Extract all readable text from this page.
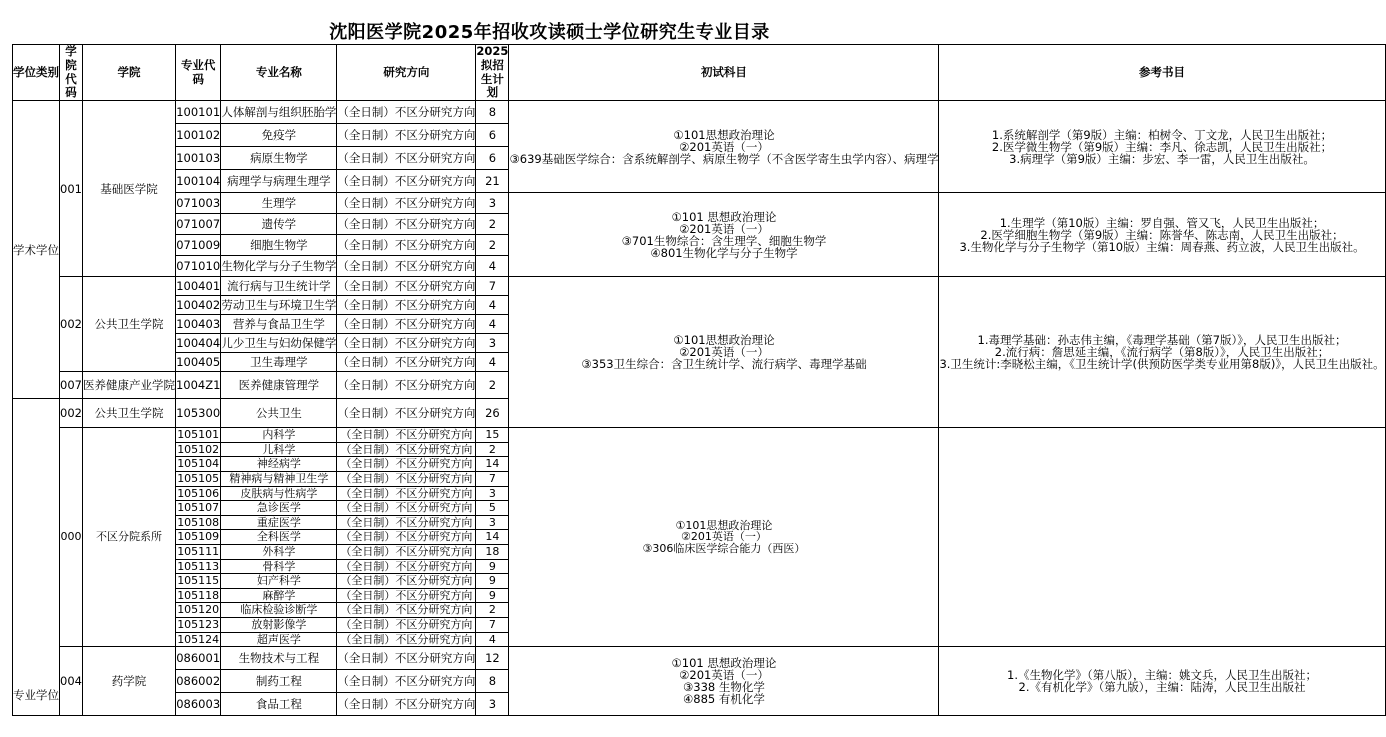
沈阳医学院2025年招收攻读硕士学位研究生专业目录
学位类别	学院代码	学院	专业代码	专业名称	研究方向	2025拟招生计划	初试科目	参考书目
学术学位	001	基础医学院	100101	人体解剖与组织胚胎学	（全日制）不区分研究方向	8	①101思想政治理论
②201英语（一）
③639基础医学综合：含系统解剖学、病原生物学（不含医学寄生虫学内容）、病理学	1.系统解剖学（第9版）主编：柏树令、丁文龙，人民卫生出版社；
2.医学微生物学（第9版）主编：李凡、徐志凯，人民卫生出版社；
3.病理学（第9版）主编：步宏、李一雷，人民卫生出版社。

			100102	免疫学	（全日制）不区分研究方向	6		
			100103	病原生物学	（全日制）不区分研究方向	6		
			100104	病理学与病理生理学	（全日制）不区分研究方向	21		
			071003	生理学	（全日制）不区分研究方向	3	①101 思想政治理论
②201英语（一）
③701生物综合：含生理学、细胞生物学
④801生物化学与分子生物学	1.生理学（第10版）主编：罗自强、管又飞，人民卫生出版社；
2.医学细胞生物学（第9版）主编：陈誉华、陈志南，人民卫生出版社；
3.生物化学与分子生物学（第10版）主编：周春燕、药立波，人民卫生出版社。

			071007	遗传学	（全日制）不区分研究方向	2		
			071009	细胞生物学	（全日制）不区分研究方向	2		
			071010	生物化学与分子生物学	（全日制）不区分研究方向	4		
	002	公共卫生学院	100401	流行病与卫生统计学	（全日制）不区分研究方向	7	①101思想政治理论
②201英语（一）
③353卫生综合：含卫生统计学、流行病学、毒理学基础	1.毒理学基础：孙志伟主编，《毒理学基础（第7版）》，人民卫生出版社；
2.流行病：詹思延主编，《流行病学（第8版）》，人民卫生出版社；
3.卫生统计:李晓松主编，《卫生统计学(供预防医学类专业用第8版)》，人民卫生出版社。

			100402	劳动卫生与环境卫生学	（全日制）不区分研究方向	4		
			100403	营养与食品卫生学	（全日制）不区分研究方向	4		
			100404	儿少卫生与妇幼保健学	（全日制）不区分研究方向	3		
			100405	卫生毒理学	（全日制）不区分研究方向	4		
	007	医养健康产业学院	1004Z1	医养健康管理学	（全日制）不区分研究方向	2		
专业学位	002	公共卫生学院	105300	公共卫生	（全日制）不区分研究方向	26		
	000	不区分院系所	105101	内科学	（全日制）不区分研究方向	15	①101思想政治理论
②201英语（一）
③306临床医学综合能力（西医）	

			105102	儿科学	（全日制）不区分研究方向	2		
			105104	神经病学	（全日制）不区分研究方向	14		
			105105	精神病与精神卫生学	（全日制）不区分研究方向	7		
			105106	皮肤病与性病学	（全日制）不区分研究方向	3		
			105107	急诊医学	（全日制）不区分研究方向	5		
			105108	重症医学	（全日制）不区分研究方向	3		
			105109	全科医学	（全日制）不区分研究方向	14		
			105111	外科学	（全日制）不区分研究方向	18		
			105113	骨科学	（全日制）不区分研究方向	9		
			105115	妇产科学	（全日制）不区分研究方向	9		
			105118	麻醉学	（全日制）不区分研究方向	9		
			105120	临床检验诊断学	（全日制）不区分研究方向	2		
			105123	放射影像学	（全日制）不区分研究方向	7		
			105124	超声医学	（全日制）不区分研究方向	4		
	004	药学院	086001	生物技术与工程	（全日制）不区分研究方向	12	①101 思想政治理论
②201英语（一）
③338 生物化学
④885 有机化学	1.《生物化学》（第八版），主编：姚文兵，人民卫生出版社；
2.《有机化学》（第九版），主编：陆涛，人民卫生出版社

			086002	制药工程	（全日制）不区分研究方向	8		
			086003	食品工程	（全日制）不区分研究方向	3		
